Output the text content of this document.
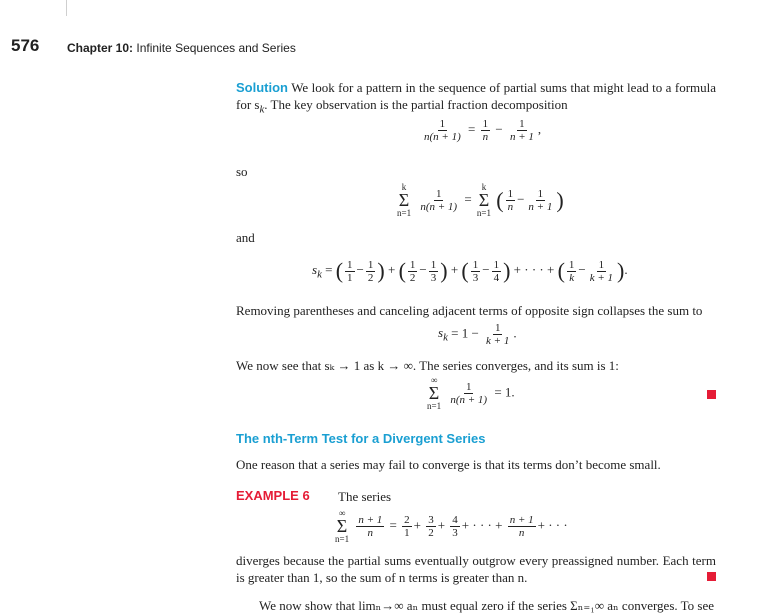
576 Chapter 10: Infinite Sequences and Series
Solution We look for a pattern in the sequence of partial sums that might lead to a formula for $s_k$. The key observation is the partial fraction decomposition
$\frac{1}{n(n + 1)} = \frac{1}{n} - \frac{1}{n + 1}$ ,
so
k
Σ
n=1
$\frac{1}{n(n + 1)}$ =
k
Σ
n=1
( $\frac{1}{n} - \frac{1}{n + 1}$ )
and
$s_k$ = ( $\frac{1}{1} - \frac{1}{2}$ ) + ( $\frac{1}{2} - \frac{1}{3}$ ) + ( $\frac{1}{3} - \frac{1}{4}$ ) + · · · + ( $\frac{1}{k} - \frac{1}{k + 1}$ ).
Removing parentheses and canceling adjacent terms of opposite sign collapses the sum to
$s_k = 1 - \frac{1}{k + 1}$ .
We now see that sₖ → 1 as k → ∞. The series converges, and its sum is 1:
∞
Σ
n=1
$\frac{1}{n(n + 1)} = 1$.
The nth-Term Test for a Divergent Series
One reason that a series may fail to converge is that its terms don’t become small.
EXAMPLE 6 The series
∞
Σ
n=1
$\frac{n + 1}{n} = \frac{2}{1} + \frac{3}{2} + \frac{4}{3}$ + · · · + $\frac{n + 1}{n}$ + · · ·
diverges because the partial sums eventually outgrow every preassigned number. Each term is greater than 1, so the sum of n terms is greater than n.
We now show that limₙ→∞ aₙ must equal zero if the series Σₙ₌₁∞ aₙ converges. To see
